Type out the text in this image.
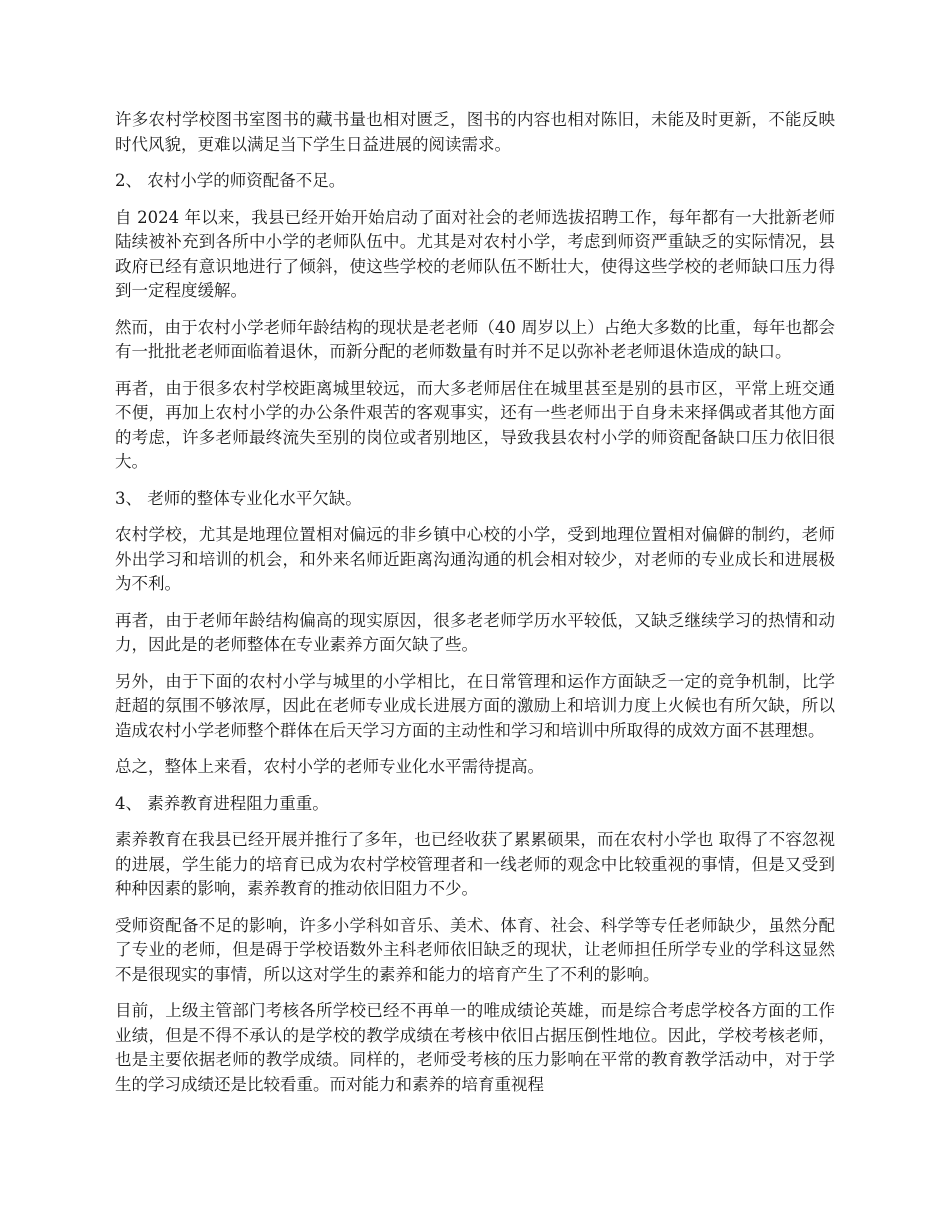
许多农村学校图书室图书的藏书量也相对匮乏，图书的内容也相对陈旧，未能及时更新，不能反映时代风貌，更难以满足当下学生日益进展的阅读需求。

2、 农村小学的师资配备不足。

自 2024 年以来，我县已经开始开始启动了面对社会的老师选拔招聘工作，每年都有一大批新老师陆续被补充到各所中小学的老师队伍中。尤其是对农村小学，考虑到师资严重缺乏的实际情况，县政府已经有意识地进行了倾斜，使这些学校的老师队伍不断壮大，使得这些学校的老师缺口压力得到一定程度缓解。

然而，由于农村小学老师年龄结构的现状是老老师（40 周岁以上）占绝大多数的比重，每年也都会有一批批老老师面临着退休，而新分配的老师数量有时并不足以弥补老老师退休造成的缺口。

再者，由于很多农村学校距离城里较远，而大多老师居住在城里甚至是别的县市区，平常上班交通不便，再加上农村小学的办公条件艰苦的客观事实，还有一些老师出于自身未来择偶或者其他方面的考虑，许多老师最终流失至别的岗位或者别地区，导致我县农村小学的师资配备缺口压力依旧很大。

3、 老师的整体专业化水平欠缺。

农村学校，尤其是地理位置相对偏远的非乡镇中心校的小学，受到地理位置相对偏僻的制约，老师外出学习和培训的机会，和外来名师近距离沟通沟通的机会相对较少，对老师的专业成长和进展极为不利。

再者，由于老师年龄结构偏高的现实原因，很多老老师学历水平较低，又缺乏继续学习的热情和动力，因此是的老师整体在专业素养方面欠缺了些。

另外，由于下面的农村小学与城里的小学相比，在日常管理和运作方面缺乏一定的竞争机制，比学赶超的氛围不够浓厚，因此在老师专业成长进展方面的激励上和培训力度上火候也有所欠缺，所以造成农村小学老师整个群体在后天学习方面的主动性和学习和培训中所取得的成效方面不甚理想。

总之，整体上来看，农村小学的老师专业化水平需待提高。

4、 素养教育进程阻力重重。

素养教育在我县已经开展并推行了多年，也已经收获了累累硕果，而在农村小学也 取得了不容忽视的进展，学生能力的培育已成为农村学校管理者和一线老师的观念中比较重视的事情，但是又受到种种因素的影响，素养教育的推动依旧阻力不少。

受师资配备不足的影响，许多小学科如音乐、美术、体育、社会、科学等专任老师缺少，虽然分配了专业的老师，但是碍于学校语数外主科老师依旧缺乏的现状，让老师担任所学专业的学科这显然不是很现实的事情，所以这对学生的素养和能力的培育产生了不利的影响。

目前，上级主管部门考核各所学校已经不再单一的唯成绩论英雄，而是综合考虑学校各方面的工作业绩，但是不得不承认的是学校的教学成绩在考核中依旧占据压倒性地位。因此，学校考核老师，也是主要依据老师的教学成绩。同样的，老师受考核的压力影响在平常的教育教学活动中，对于学生的学习成绩还是比较看重。而对能力和素养的培育重视程
